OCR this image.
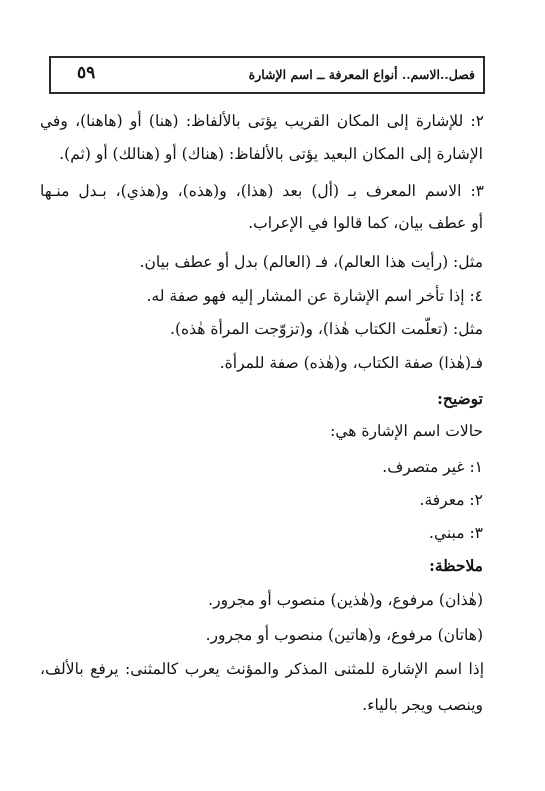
فصل..الاسم.. أنواع المعرفة ــ اسم الإشارة
٥٩
٢: للإشارة إلى المكان القريب يؤتى بالألفاظ: (هنا) أو (هاهنا)، وفي
الإشارة إلى المكان البعيد يؤتى بالألفاظ: (هناك) أو (هنالك) أو (ثم).
٣: الاسم المعرف بـ (أل) بعد (هذا)، و(هذه)، و(هذي)، بـدل منـها
أو عطف بيان، كما قالوا في الإعراب.
مثل: (رأيت هذا العالم)، فـ (العالم) بدل أو عطف بيان.
٤: إذا تأخر اسم الإشارة عن المشار إليه فهو صفة له.
مثل: (تعلّمت الكتاب هٰذا)، و(تزوّجت المرأة هٰذه).
فـ(هٰذا) صفة الكتاب، و(هٰذه) صفة للمرأة.
توضيح:
حالات اسم الإشارة هي:
١: غير متصرف.
٢: معرفة.
٣: مبني.
ملاحظة:
(هٰذان) مرفوع، و(هٰذين) منصوب أو مجرور.
(هاتان) مرفوع، و(هاتين) منصوب أو مجرور.
إذا اسم الإشارة للمثنى المذكر والمؤنث يعرب كالمثنى: يرفع بالألف،
وينصب ويجر بالياء.
